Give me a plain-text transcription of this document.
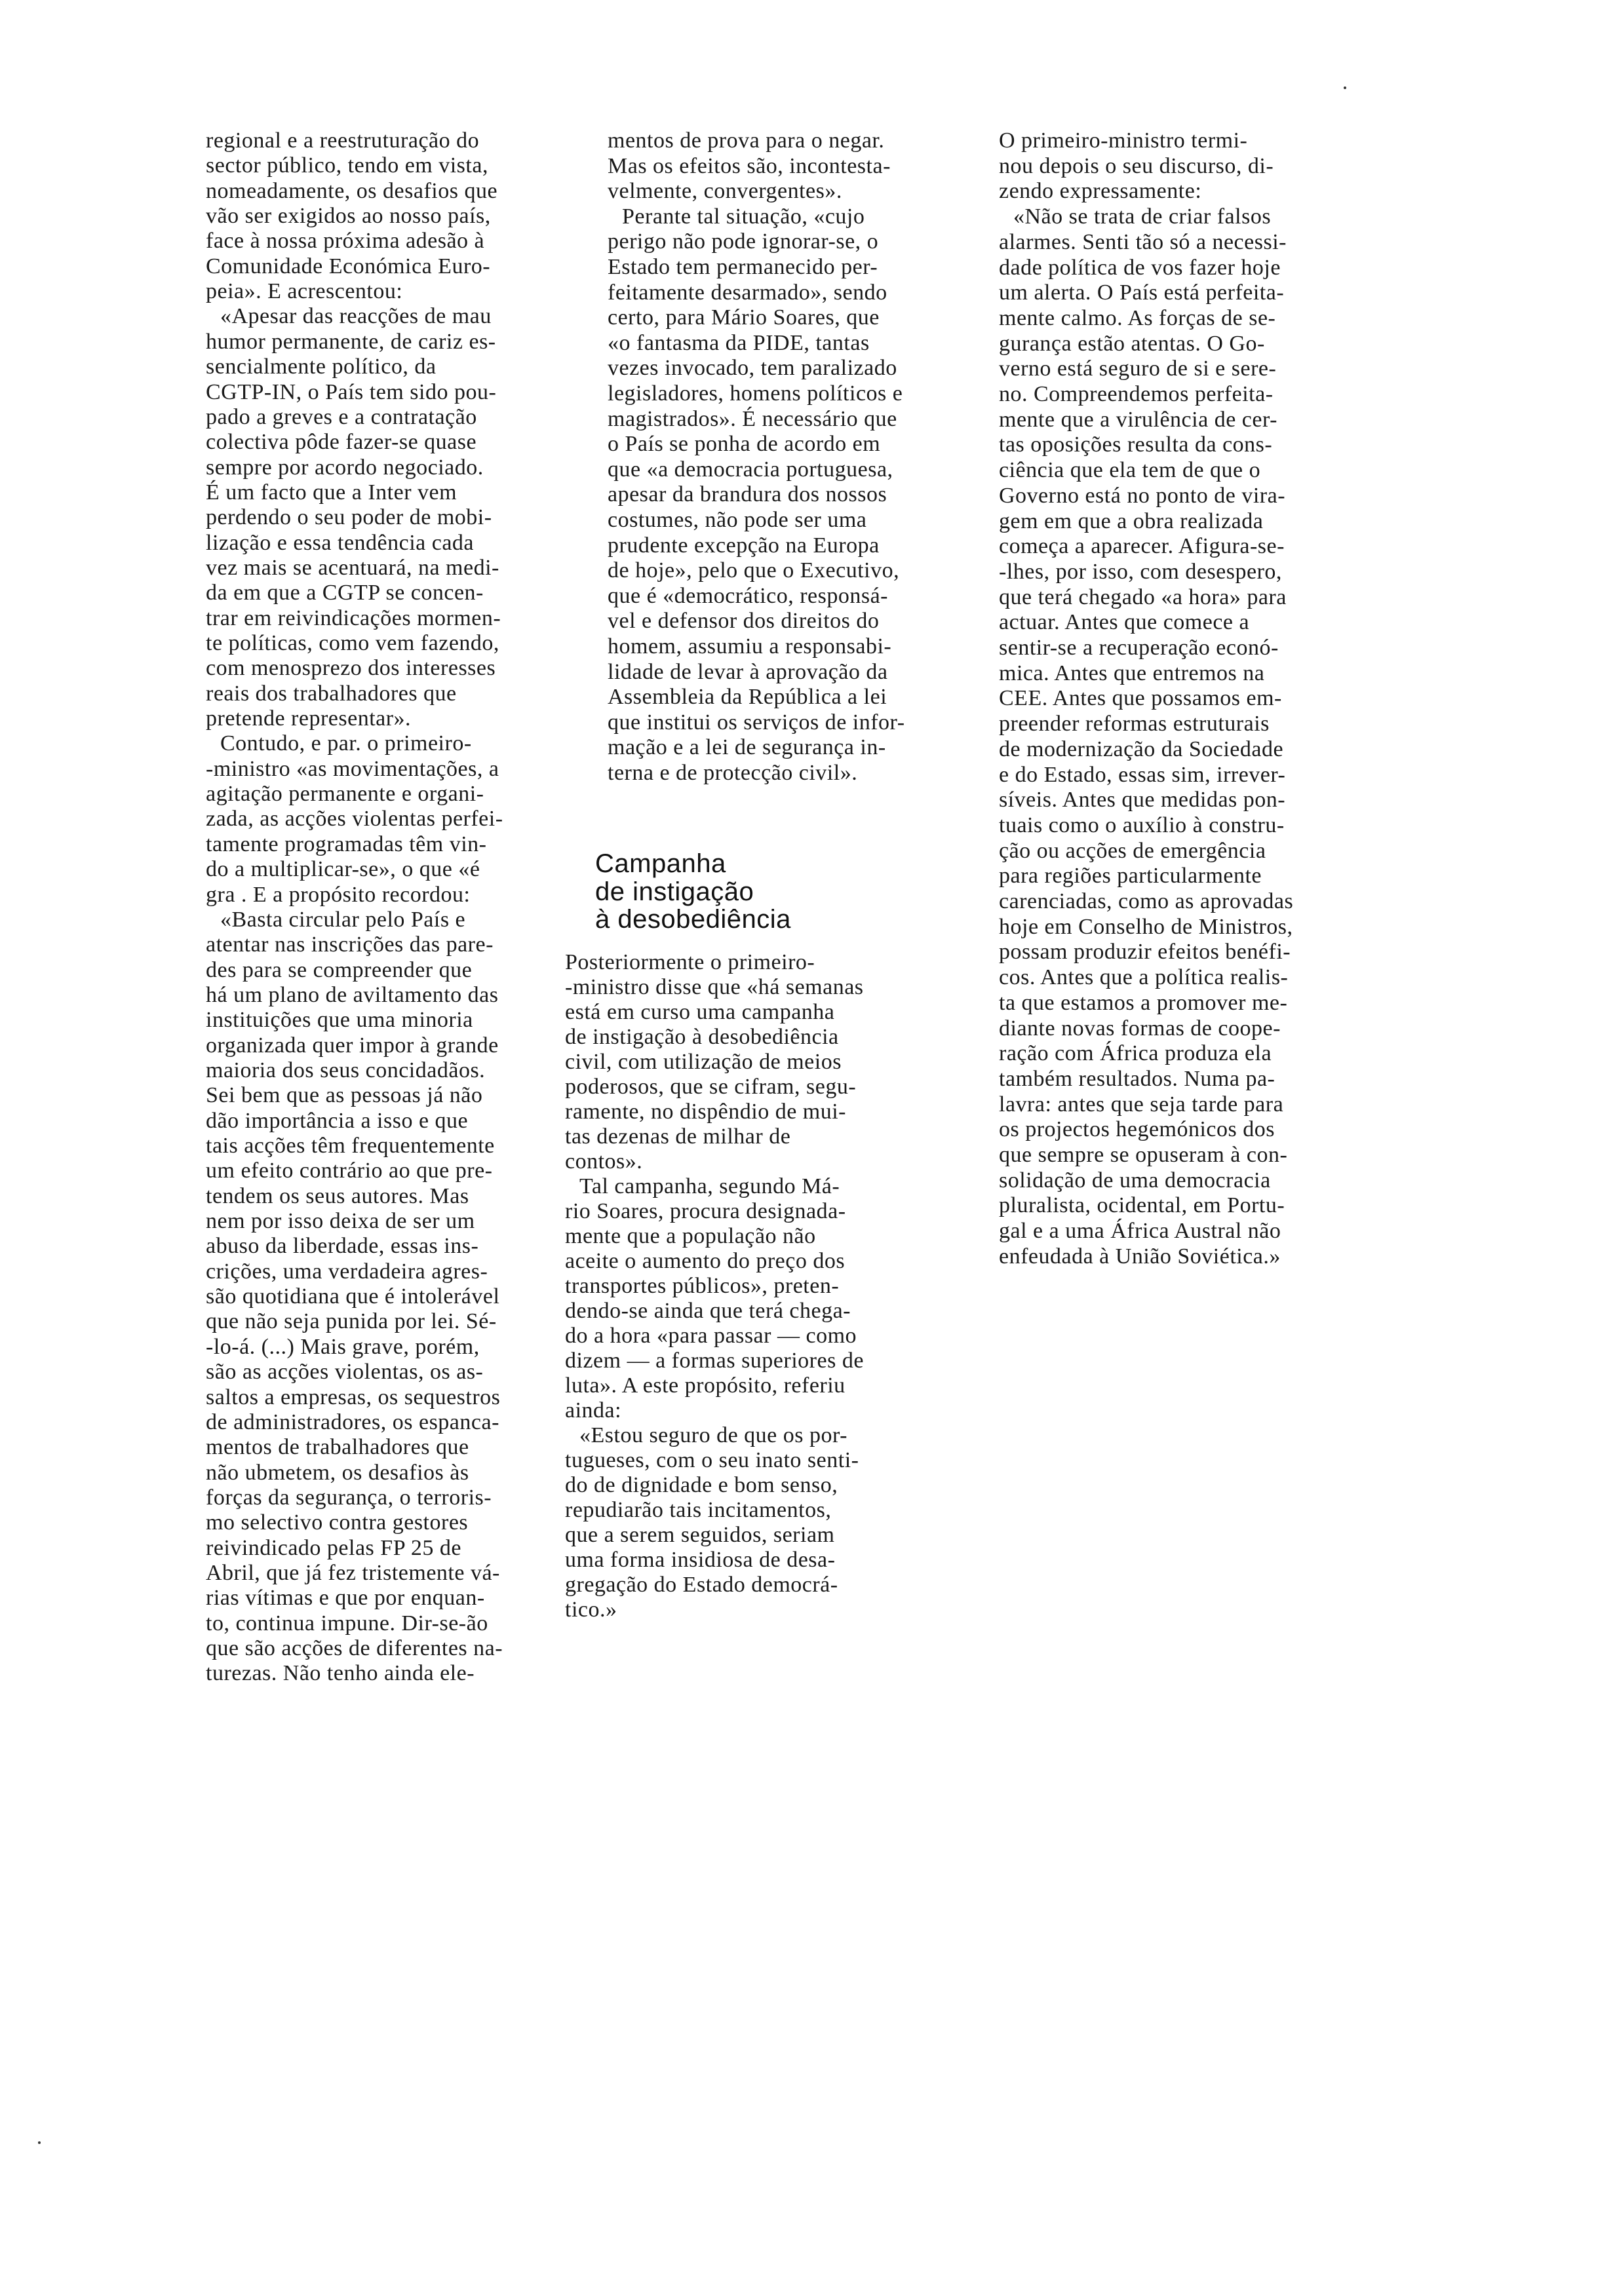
regional e a reestruturação do
sector público, tendo em vista,
nomeadamente, os desafios que
vão ser exigidos ao nosso país,
face à nossa próxima adesão à
Comunidade Económica Euro-
peia». E acrescentou:
«Apesar das reacções de mau
humor permanente, de cariz es-
sencialmente político, da
CGTP-IN, o País tem sido pou-
pado a greves e a contratação
colectiva pôde fazer-se quase
sempre por acordo negociado.
É um facto que a Inter vem
perdendo o seu poder de mobi-
lização e essa tendência cada
vez mais se acentuará, na medi-
da em que a CGTP se concen-
trar em reivindicações mormen-
te políticas, como vem fazendo,
com menosprezo dos interesses
reais dos trabalhadores que
pretende representar».
Contudo, e par. o primeiro-
-ministro «as movimentações, a
agitação permanente e organi-
zada, as acções violentas perfei-
tamente programadas têm vin-
do a multiplicar-se», o que «é
gra . E a propósito recordou:
«Basta circular pelo País e
atentar nas inscrições das pare-
des para se compreender que
há um plano de aviltamento das
instituições que uma minoria
organizada quer impor à grande
maioria dos seus concidadãos.
Sei bem que as pessoas já não
dão importância a isso e que
tais acções têm frequentemente
um efeito contrário ao que pre-
tendem os seus autores. Mas
nem por isso deixa de ser um
abuso da liberdade, essas ins-
crições, uma verdadeira agres-
são quotidiana que é intolerável
que não seja punida por lei. Sé-
-lo-á. (...) Mais grave, porém,
são as acções violentas, os as-
saltos a empresas, os sequestros
de administradores, os espanca-
mentos de trabalhadores que
não ubmetem, os desafios às
forças da segurança, o terroris-
mo selectivo contra gestores
reivindicado pelas FP 25 de
Abril, que já fez tristemente vá-
rias vítimas e que por enquan-
to, continua impune. Dir-se-ão
que são acções de diferentes na-
turezas. Não tenho ainda ele-
mentos de prova para o negar.
Mas os efeitos são, incontesta-
velmente, convergentes».
Perante tal situação, «cujo
perigo não pode ignorar-se, o
Estado tem permanecido per-
feitamente desarmado», sendo
certo, para Mário Soares, que
«o fantasma da PIDE, tantas
vezes invocado, tem paralizado
legisladores, homens políticos e
magistrados». É necessário que
o País se ponha de acordo em
que «a democracia portuguesa,
apesar da brandura dos nossos
costumes, não pode ser uma
prudente excepção na Europa
de hoje», pelo que o Executivo,
que é «democrático, responsá-
vel e defensor dos direitos do
homem, assumiu a responsabi-
lidade de levar à aprovação da
Assembleia da República a lei
que institui os serviços de infor-
mação e a lei de segurança in-
terna e de protecção civil».
Campanha
de instigação
à desobediência
Posteriormente o primeiro-
-ministro disse que «há semanas
está em curso uma campanha
de instigação à desobediência
civil, com utilização de meios
poderosos, que se cifram, segu-
ramente, no dispêndio de mui-
tas dezenas de milhar de
contos».
Tal campanha, segundo Má-
rio Soares, procura designada-
mente que a população não
aceite o aumento do preço dos
transportes públicos», preten-
dendo-se ainda que terá chega-
do a hora «para passar — como
dizem — a formas superiores de
luta». A este propósito, referiu
ainda:
«Estou seguro de que os por-
tugueses, com o seu inato senti-
do de dignidade e bom senso,
repudiarão tais incitamentos,
que a serem seguidos, seriam
uma forma insidiosa de desa-
gregação do Estado democrá-
tico.»
O primeiro-ministro termi-
nou depois o seu discurso, di-
zendo expressamente:
«Não se trata de criar falsos
alarmes. Senti tão só a necessi-
dade política de vos fazer hoje
um alerta. O País está perfeita-
mente calmo. As forças de se-
gurança estão atentas. O Go-
verno está seguro de si e sere-
no. Compreendemos perfeita-
mente que a virulência de cer-
tas oposições resulta da cons-
ciência que ela tem de que o
Governo está no ponto de vira-
gem em que a obra realizada
começa a aparecer. Afigura-se-
-lhes, por isso, com desespero,
que terá chegado «a hora» para
actuar. Antes que comece a
sentir-se a recuperação econó-
mica. Antes que entremos na
CEE. Antes que possamos em-
preender reformas estruturais
de modernização da Sociedade
e do Estado, essas sim, irrever-
síveis. Antes que medidas pon-
tuais como o auxílio à constru-
ção ou acções de emergência
para regiões particularmente
carenciadas, como as aprovadas
hoje em Conselho de Ministros,
possam produzir efeitos benéfi-
cos. Antes que a política realis-
ta que estamos a promover me-
diante novas formas de coope-
ração com África produza ela
também resultados. Numa pa-
lavra: antes que seja tarde para
os projectos hegemónicos dos
que sempre se opuseram à con-
solidação de uma democracia
pluralista, ocidental, em Portu-
gal e a uma África Austral não
enfeudada à União Soviética.»
